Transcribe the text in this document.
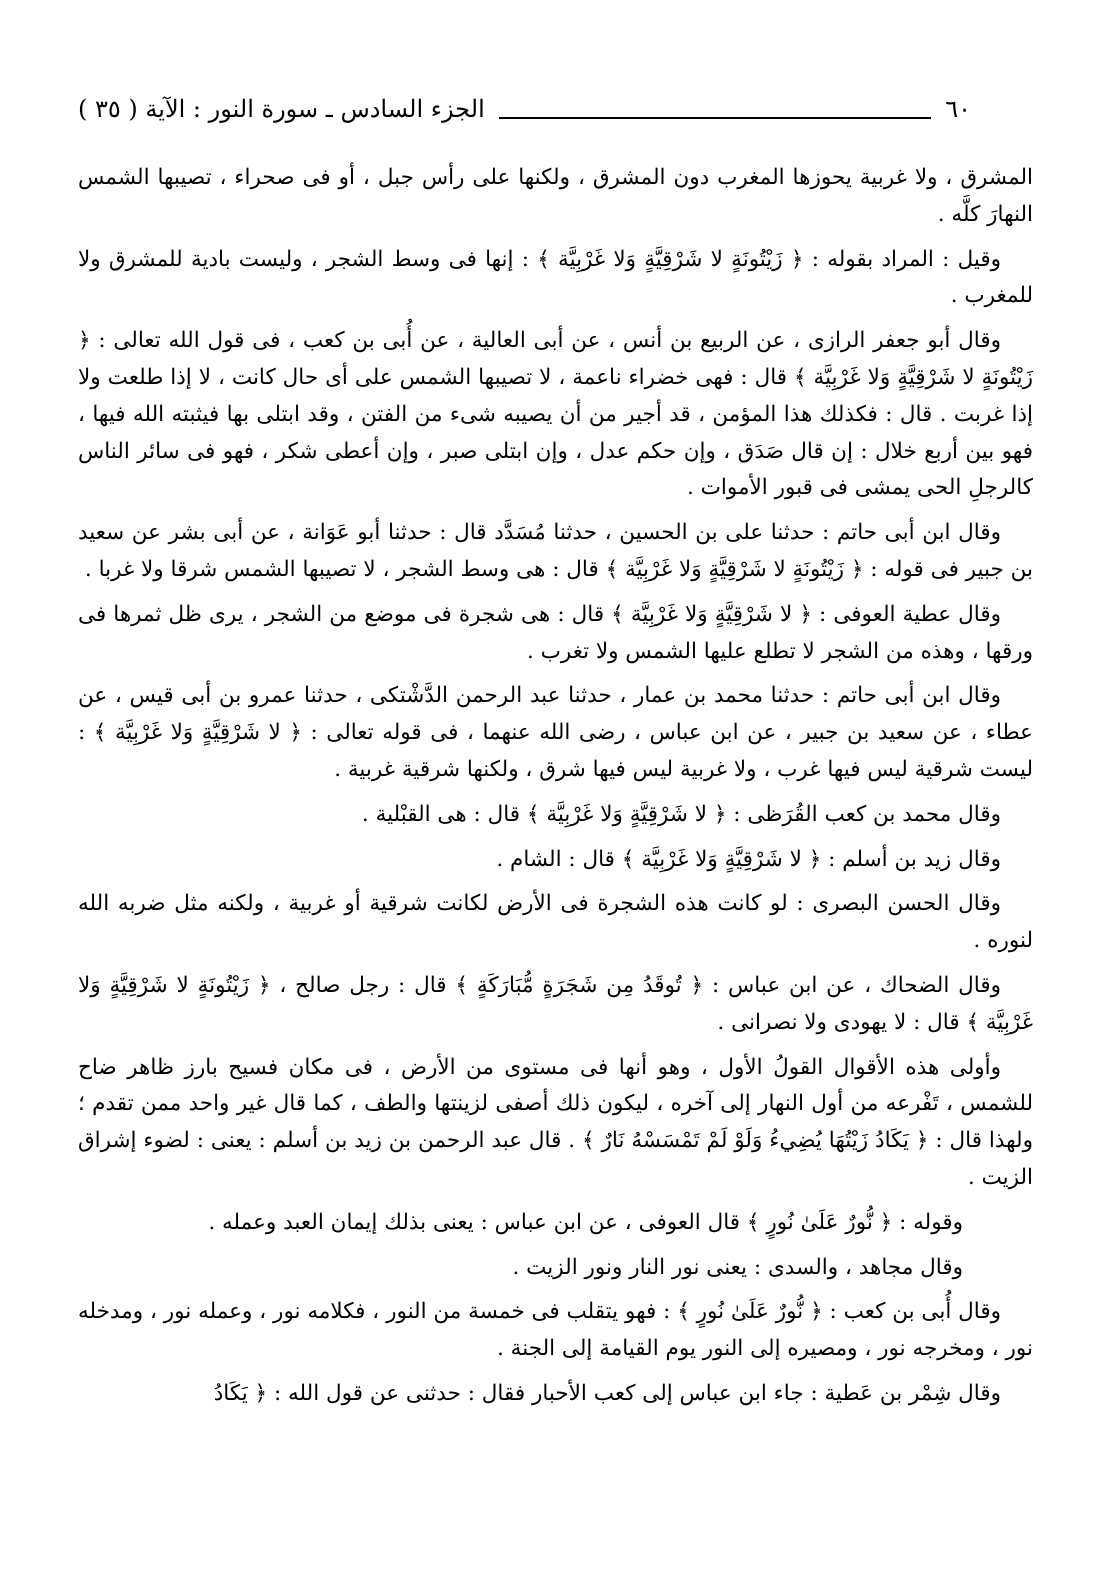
٦٠
الجزء السادس ـ سورة النور : الآية ( ٣٥ )

المشرق ، ولا غربية يحوزها المغرب دون المشرق ، ولكنها على رأس جبل ، أو فى صحراء ، تصيبها الشمس النهارَ كلَّه .

وقيل : المراد بقوله : ﴿ زَيْتُونَةٍ لا شَرْقِيَّةٍ وَلا غَرْبِيَّة ﴾ : إنها فى وسط الشجر ، وليست بادية للمشرق ولا للمغرب .

وقال أبو جعفر الرازى ، عن الربيع بن أنس ، عن أبى العالية ، عن أُبى بن كعب ، فى قول الله تعالى : ﴿ زَيْتُونَةٍ لا شَرْقِيَّةٍ وَلا غَرْبِيَّة ﴾ قال : فهى خضراء ناعمة ، لا تصيبها الشمس على أى حال كانت ، لا إذا طلعت ولا إذا غربت . قال : فكذلك هذا المؤمن ، قد أجير من أن يصيبه شىء من الفتن ، وقد ابتلى بها فيثبته الله فيها ، فهو بين أربع خلال : إن قال صَدَق ، وإن حكم عدل ، وإن ابتلى صبر ، وإن أعطى شكر ، فهو فى سائر الناس كالرجلِ الحى يمشى فى قبور الأموات .

وقال ابن أبى حاتم : حدثنا على بن الحسين ، حدثنا مُسَدَّد قال : حدثنا أبو عَوَانة ، عن أبى بشر عن سعيد بن جبير فى قوله : ﴿ زَيْتُونَةٍ لا شَرْقِيَّةٍ وَلا غَرْبِيَّة ﴾ قال : هى وسط الشجر ، لا تصيبها الشمس شرقا ولا غربا .

وقال عطية العوفى : ﴿ لا شَرْقِيَّةٍ وَلا غَرْبِيَّة ﴾ قال : هى شجرة فى موضع من الشجر ، يرى ظل ثمرها فى ورقها ، وهذه من الشجر لا تطلع عليها الشمس ولا تغرب .

وقال ابن أبى حاتم : حدثنا محمد بن عمار ، حدثنا عبد الرحمن الدَّشْتكى ، حدثنا عمرو بن أبى قيس ، عن عطاء ، عن سعيد بن جبير ، عن ابن عباس ، رضى الله عنهما ، فى قوله تعالى : ﴿ لا شَرْقِيَّةٍ وَلا غَرْبِيَّة ﴾ : ليست شرقية ليس فيها غرب ، ولا غربية ليس فيها شرق ، ولكنها شرقية غربية .

وقال محمد بن كعب القُرَظى : ﴿ لا شَرْقِيَّةٍ وَلا غَرْبِيَّة ﴾ قال : هى القبْلية .

وقال زيد بن أسلم : ﴿ لا شَرْقِيَّةٍ وَلا غَرْبِيَّة ﴾ قال : الشام .

وقال الحسن البصرى : لو كانت هذه الشجرة فى الأرض لكانت شرقية أو غربية ، ولكنه مثل ضربه الله لنوره .

وقال الضحاك ، عن ابن عباس : ﴿ تُوقَدُ مِن شَجَرَةٍ مُّبَارَكَةٍ ﴾ قال : رجل صالح ، ﴿ زَيْتُونَةٍ لا شَرْقِيَّةٍ وَلا غَرْبِيَّة ﴾ قال : لا يهودى ولا نصرانى .

وأولى هذه الأقوال القولُ الأول ، وهو أنها فى مستوى من الأرض ، فى مكان فسيح بارز ظاهر ضاح للشمس ، تَفْرعه من أول النهار إلى آخره ، ليكون ذلك أصفى لزينتها والطف ، كما قال غير واحد ممن تقدم ؛ ولهذا قال : ﴿ يَكَادُ زَيْتُهَا يُضِيءُ وَلَوْ لَمْ تَمْسَسْهُ نَارٌ ﴾ . قال عبد الرحمن بن زيد بن أسلم : يعنى : لضوء إشراق الزيت .

وقوله : ﴿ نُّورٌ عَلَىٰ نُورٍ ﴾ قال العوفى ، عن ابن عباس : يعنى بذلك إيمان العبد وعمله .

وقال مجاهد ، والسدى : يعنى نور النار ونور الزيت .

وقال أُبى بن كعب : ﴿ نُّورٌ عَلَىٰ نُورٍ ﴾ : فهو يتقلب فى خمسة من النور ، فكلامه نور ، وعمله نور ، ومدخله نور ، ومخرجه نور ، ومصيره إلى النور يوم القيامة إلى الجنة .

وقال شِمْر بن عَطية : جاء ابن عباس إلى كعب الأحبار فقال : حدثنى عن قول الله : ﴿ يَكَادُ
